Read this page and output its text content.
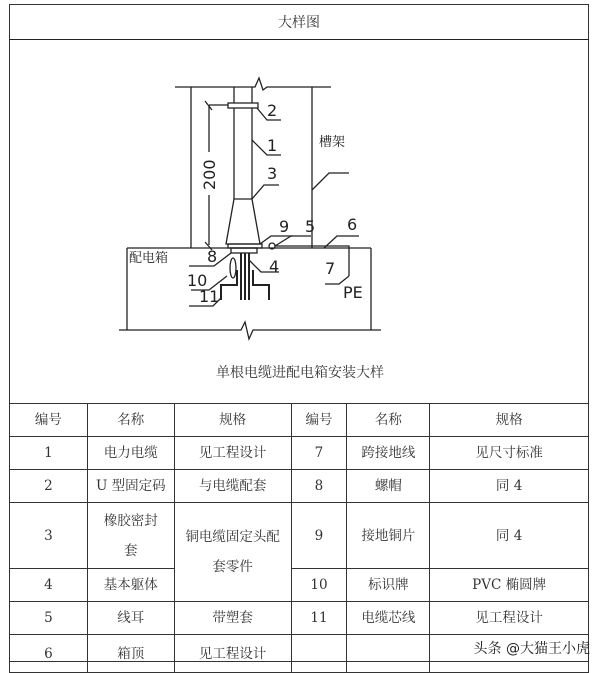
大样图
2
1
3
9 5 6
7
8
4
10
11	PE
200
槽架
配电箱
单根电缆进配电箱安装大样
编号	名称	规格	编号	名称	规格
1	电力电缆	见工程设计	7	跨接地线	见尺寸标准
2	U 型固定码	与电缆配套	8	螺帽	同 4
3	橡胶密封套	铜电缆固定头配套零件	9	接地铜片	同 4
4	基本躯体		10	标识牌	PVC 椭圆牌
5	线耳	带塑套	11	电缆芯线	见工程设计
6	箱顶	见工程设计				头条 @大猫王小虎
